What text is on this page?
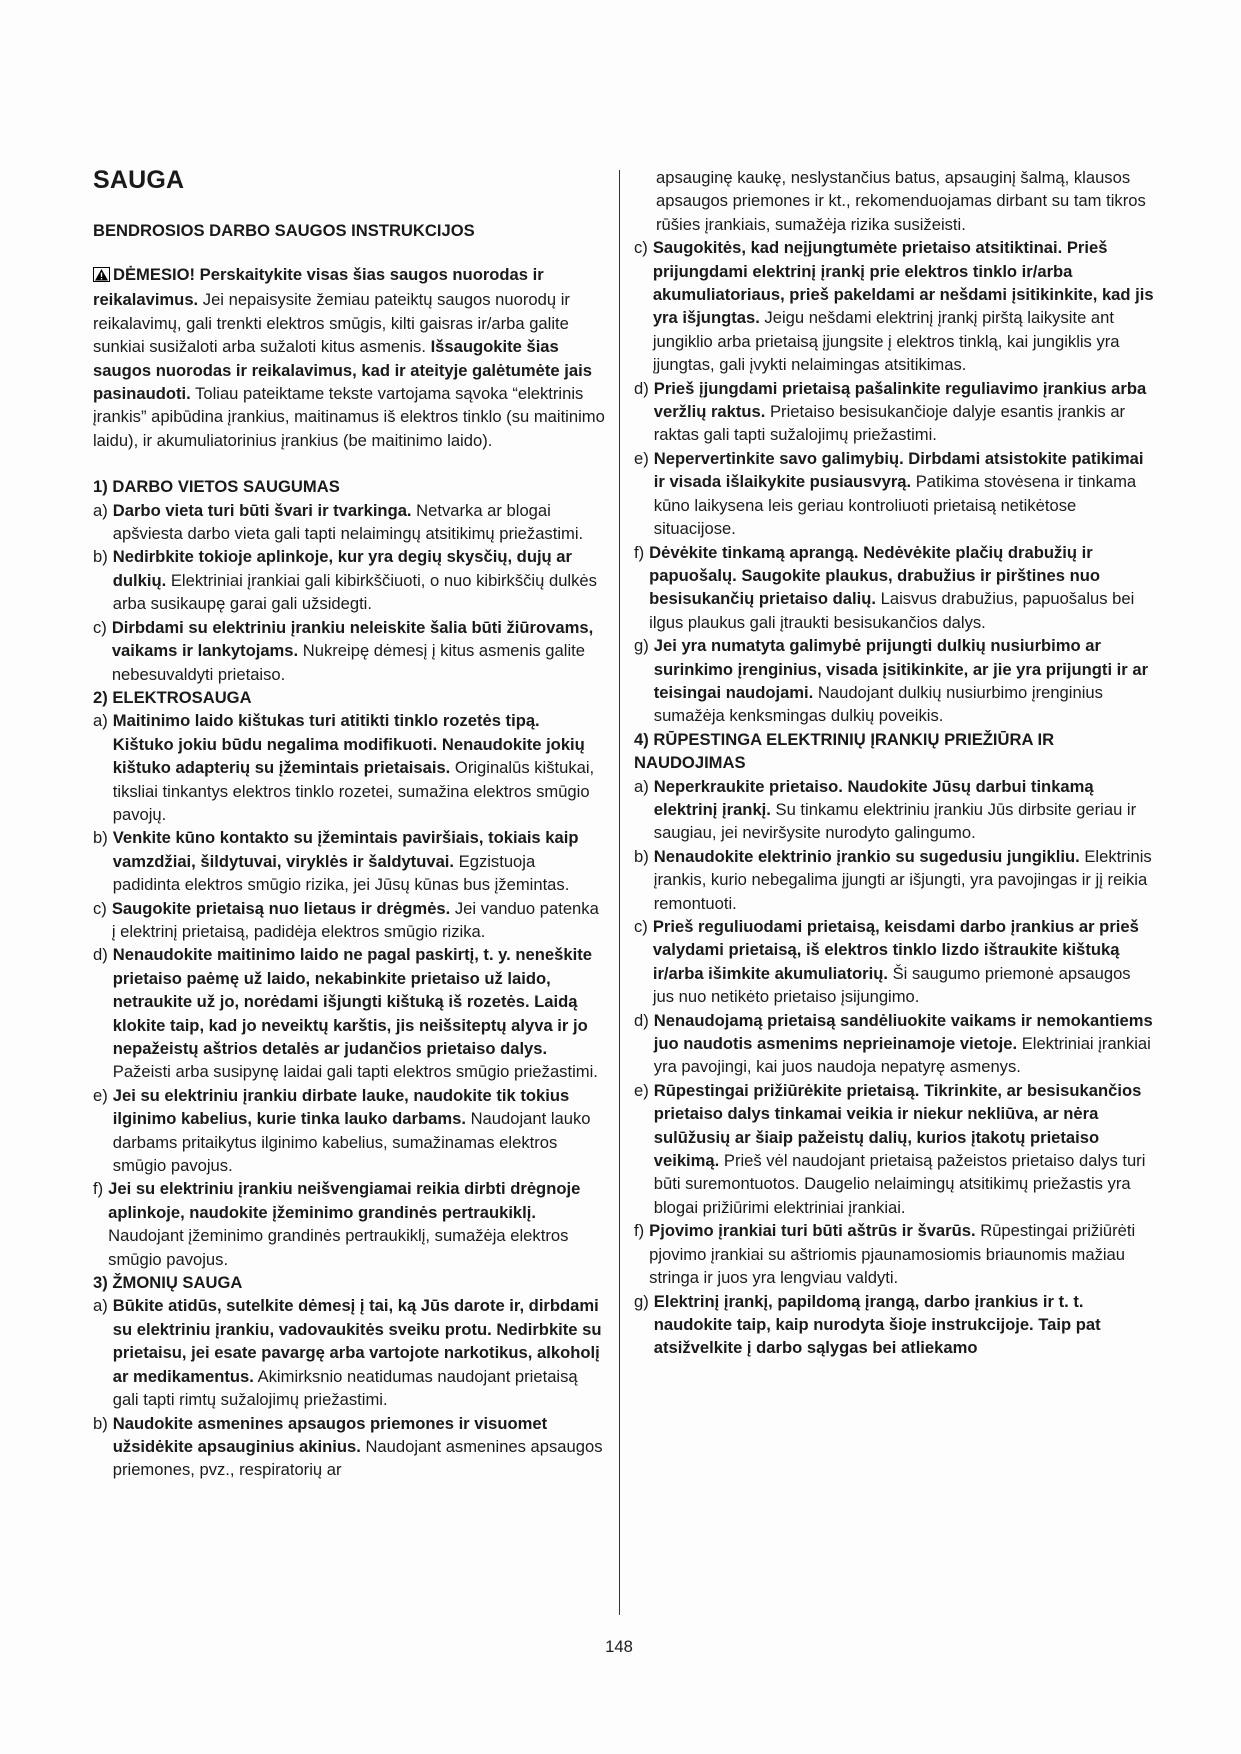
SAUGA
BENDROSIOS DARBO SAUGOS INSTRUKCIJOS

DĖMESIO! Perskaitykite visas šias saugos nuorodas ir reikalavimus. Jei nepaisysite žemiau pateiktų saugos nuorodų ir reikalavimų, gali trenkti elektros smūgis, kilti gaisras ir/arba galite sunkiai susižaloti arba sužaloti kitus asmenis. Išsaugokite šias saugos nuorodas ir reikalavimus, kad ir ateityje galėtumėte jais pasinaudoti. Toliau pateiktame tekste vartojama sąvoka “elektrinis įrankis” apibūdina įrankius, maitinamus iš elektros tinklo (su maitinimo laidu), ir akumuliatorinius įrankius (be maitinimo laido).

1) DARBO VIETOS SAUGUMAS
a) Darbo vieta turi būti švari ir tvarkinga. Netvarka ar blogai apšviesta darbo vieta gali tapti nelaimingų atsitikimų priežastimi.
b) Nedirbkite tokioje aplinkoje, kur yra degių skysčių, dujų ar dulkių. Elektriniai įrankiai gali kibirkščiuoti, o nuo kibirkščių dulkės arba susikaupę garai gali užsidegti.
c) Dirbdami su elektriniu įrankiu neleiskite šalia būti žiūrovams, vaikams ir lankytojams. Nukreipę dėmesį į kitus asmenis galite nebesuvaldyti prietaiso.
2) ELEKTROSAUGA
a) Maitinimo laido kištukas turi atitikti tinklo rozetės tipą. Kištuko jokiu būdu negalima modifikuoti. Nenaudokite jokių kištuko adapterių su įžemintais prietaisais. Originalūs kištukai, tiksliai tinkantys elektros tinklo rozetei, sumažina elektros smūgio pavojų.
b) Venkite kūno kontakto su įžemintais paviršiais, tokiais kaip vamzdžiai, šildytuvai, viryklės ir šaldytuvai. Egzistuoja padidinta elektros smūgio rizika, jei Jūsų kūnas bus įžemintas.
c) Saugokite prietaisą nuo lietaus ir drėgmės. Jei vanduo patenka į elektrinį prietaisą, padidėja elektros smūgio rizika.
d) Nenaudokite maitinimo laido ne pagal paskirtį, t. y. neneškite prietaiso paėmę už laido, nekabinkite prietaiso už laido, netraukite už jo, norėdami išjungti kištuką iš rozetės. Laidą klokite taip, kad jo neveiktų karštis, jis neišsiteptų alyva ir jo nepažeistų aštrios detalės ar judančios prietaiso dalys. Pažeisti arba susipynę laidai gali tapti elektros smūgio priežastimi.
e) Jei su elektriniu įrankiu dirbate lauke, naudokite tik tokius ilginimo kabelius, kurie tinka lauko darbams. Naudojant lauko darbams pritaikytus ilginimo kabelius, sumažinamas elektros smūgio pavojus.
f) Jei su elektriniu įrankiu neišvengiamai reikia dirbti drėgnoje aplinkoje, naudokite įžeminimo grandinės pertraukiklį. Naudojant įžeminimo grandinės pertraukiklį, sumažėja elektros smūgio pavojus.
3) ŽMONIŲ SAUGA
a) Būkite atidūs, sutelkite dėmesį į tai, ką Jūs darote ir, dirbdami su elektriniu įrankiu, vadovaukitės sveiku protu. Nedirbkite su prietaisu, jei esate pavargę arba vartojote narkotikus, alkoholį ar medikamentus. Akimirksnio neatidumas naudojant prietaisą gali tapti rimtų sužalojimų priežastimi.
b) Naudokite asmenines apsaugos priemones ir visuomet užsidėkite apsauginius akinius. Naudojant asmenines apsaugos priemones, pvz., respiratorių ar
apsauginę kaukę, neslystančius batus, apsauginį šalmą, klausos apsaugos priemones ir kt., rekomenduojamas dirbant su tam tikros rūšies įrankiais, sumažėja rizika susižeisti.
c) Saugokitės, kad neįjungtumėte prietaiso atsitiktinai. Prieš prijungdami elektrinį įrankį prie elektros tinklo ir/arba akumuliatoriaus, prieš pakeldami ar nešdami įsitikinkite, kad jis yra išjungtas. Jeigu nešdami elektrinį įrankį pirštą laikysite ant jungiklio arba prietaisą įjungsite į elektros tinklą, kai jungiklis yra įjungtas, gali įvykti nelaimingas atsitikimas.
d) Prieš įjungdami prietaisą pašalinkite reguliavimo įrankius arba veržlių raktus. Prietaiso besisukančioje dalyje esantis įrankis ar raktas gali tapti sužalojimų priežastimi.
e) Nepervertinkite savo galimybių. Dirbdami atsistokite patikimai ir visada išlaikykite pusiausvyrą. Patikima stovėsena ir tinkama kūno laikysena leis geriau kontroliuoti prietaisą netikėtose situacijose.
f) Dėvėkite tinkamą aprangą. Nedėvėkite plačių drabužių ir papuošalų. Saugokite plaukus, drabužius ir pirštines nuo besisukančių prietaiso dalių. Laisvus drabužius, papuošalus bei ilgus plaukus gali įtraukti besisukančios dalys.
g) Jei yra numatyta galimybė prijungti dulkių nusiurbimo ar surinkimo įrenginius, visada įsitikinkite, ar jie yra prijungti ir ar teisingai naudojami. Naudojant dulkių nusiurbimo įrenginius sumažėja kenksmingas dulkių poveikis.
4) RŪPESTINGA ELEKTRINIŲ ĮRANKIŲ PRIEŽIŪRA IR NAUDOJIMAS
a) Neperkraukite prietaiso. Naudokite Jūsų darbui tinkamą elektrinį įrankį. Su tinkamu elektriniu įrankiu Jūs dirbsite geriau ir saugiau, jei neviršysite nurodyto galingumo.
b) Nenaudokite elektrinio įrankio su sugedusiu jungikliu. Elektrinis įrankis, kurio nebegalima įjungti ar išjungti, yra pavojingas ir jį reikia remontuoti.
c) Prieš reguliuodami prietaisą, keisdami darbo įrankius ar prieš valydami prietaisą, iš elektros tinklo lizdo ištraukite kištuką ir/arba išimkite akumuliatorių. Ši saugumo priemonė apsaugos jus nuo netikėto prietaiso įsijungimo.
d) Nenaudojamą prietaisą sandėliuokite vaikams ir nemokantiems juo naudotis asmenims neprieinamoje vietoje. Elektriniai įrankiai yra pavojingi, kai juos naudoja nepatyrę asmenys.
e) Rūpestingai prižiūrėkite prietaisą. Tikrinkite, ar besisukančios prietaiso dalys tinkamai veikia ir niekur nekliūva, ar nėra sulūžusių ar šiaip pažeistų dalių, kurios įtakotų prietaiso veikimą. Prieš vėl naudojant prietaisą pažeistos prietaiso dalys turi būti suremontuotos. Daugelio nelaimingų atsitikimų priežastis yra blogai prižiūrimi elektriniai įrankiai.
f) Pjovimo įrankiai turi būti aštrūs ir švarūs. Rūpestingai prižiūrėti pjovimo įrankiai su aštriomis pjaunamosiomis briaunomis mažiau stringa ir juos yra lengviau valdyti.
g) Elektrinį įrankį, papildomą įrangą, darbo įrankius ir t. t. naudokite taip, kaip nurodyta šioje instrukcijoje. Taip pat atsižvelkite į darbo sąlygas bei atliekamo
148
